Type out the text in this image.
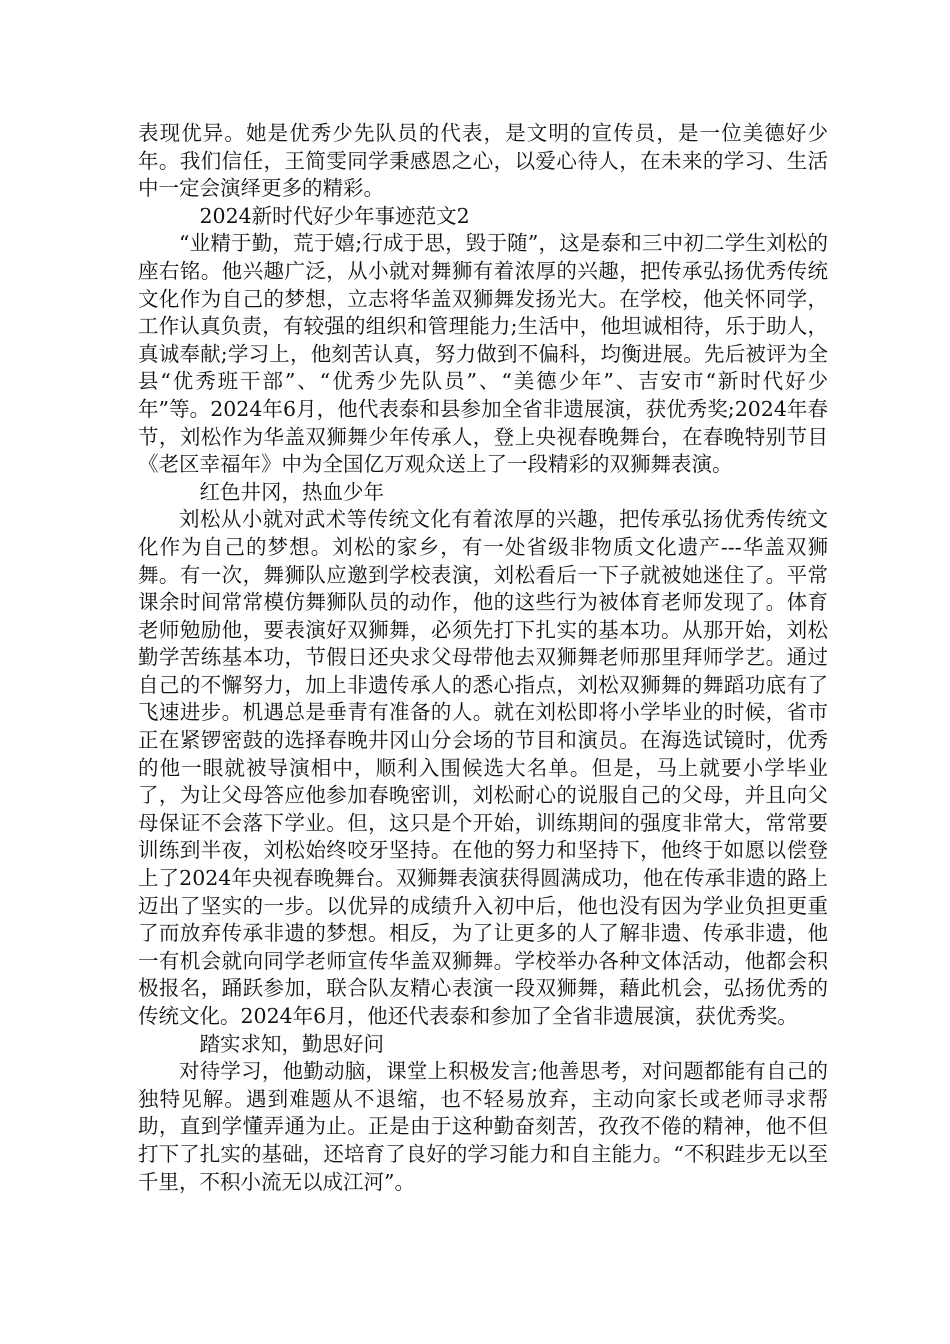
表现优异。她是优秀少先队员的代表，是文明的宣传员，是一位美德好少年。我们信任，王简雯同学秉感恩之心，以爱心待人，在未来的学习、生活中一定会演绎更多的精彩。

2024新时代好少年事迹范文2

“业精于勤，荒于嬉;行成于思，毁于随”，这是泰和三中初二学生刘松的座右铭。他兴趣广泛，从小就对舞狮有着浓厚的兴趣，把传承弘扬优秀传统文化作为自己的梦想，立志将华盖双狮舞发扬光大。在学校，他关怀同学，工作认真负责，有较强的组织和管理能力;生活中，他坦诚相待，乐于助人，真诚奉献;学习上，他刻苦认真，努力做到不偏科，均衡进展。先后被评为全县“优秀班干部”、“优秀少先队员”、“美德少年”、吉安市“新时代好少年”等。2024年6月，他代表泰和县参加全省非遗展演，获优秀奖;2024年春节，刘松作为华盖双狮舞少年传承人，登上央视春晚舞台，在春晚特别节目《老区幸福年》中为全国亿万观众送上了一段精彩的双狮舞表演。

红色井冈，热血少年

刘松从小就对武术等传统文化有着浓厚的兴趣，把传承弘扬优秀传统文化作为自己的梦想。刘松的家乡，有一处省级非物质文化遗产---华盖双狮舞。有一次，舞狮队应邀到学校表演，刘松看后一下子就被她迷住了。平常课余时间常常模仿舞狮队员的动作，他的这些行为被体育老师发现了。体育老师勉励他，要表演好双狮舞，必须先打下扎实的基本功。从那开始，刘松勤学苦练基本功，节假日还央求父母带他去双狮舞老师那里拜师学艺。通过自己的不懈努力，加上非遗传承人的悉心指点，刘松双狮舞的舞蹈功底有了飞速进步。机遇总是垂青有准备的人。就在刘松即将小学毕业的时候，省市正在紧锣密鼓的选择春晚井冈山分会场的节目和演员。在海选试镜时，优秀的他一眼就被导演相中，顺利入围候选大名单。但是，马上就要小学毕业了，为让父母答应他参加春晚密训，刘松耐心的说服自己的父母，并且向父母保证不会落下学业。但，这只是个开始，训练期间的强度非常大，常常要训练到半夜，刘松始终咬牙坚持。在他的努力和坚持下，他终于如愿以偿登上了2024年央视春晚舞台。双狮舞表演获得圆满成功，他在传承非遗的路上迈出了坚实的一步。以优异的成绩升入初中后，他也没有因为学业负担更重了而放弃传承非遗的梦想。相反，为了让更多的人了解非遗、传承非遗，他一有机会就向同学老师宣传华盖双狮舞。学校举办各种文体活动，他都会积极报名，踊跃参加，联合队友精心表演一段双狮舞，藉此机会，弘扬优秀的传统文化。2024年6月，他还代表泰和参加了全省非遗展演，获优秀奖。

踏实求知，勤思好问

对待学习，他勤动脑，课堂上积极发言;他善思考，对问题都能有自己的独特见解。遇到难题从不退缩，也不轻易放弃，主动向家长或老师寻求帮助，直到学懂弄通为止。正是由于这种勤奋刻苦，孜孜不倦的精神，他不但打下了扎实的基础，还培育了良好的学习能力和自主能力。“不积跬步无以至千里，不积小流无以成江河”。
